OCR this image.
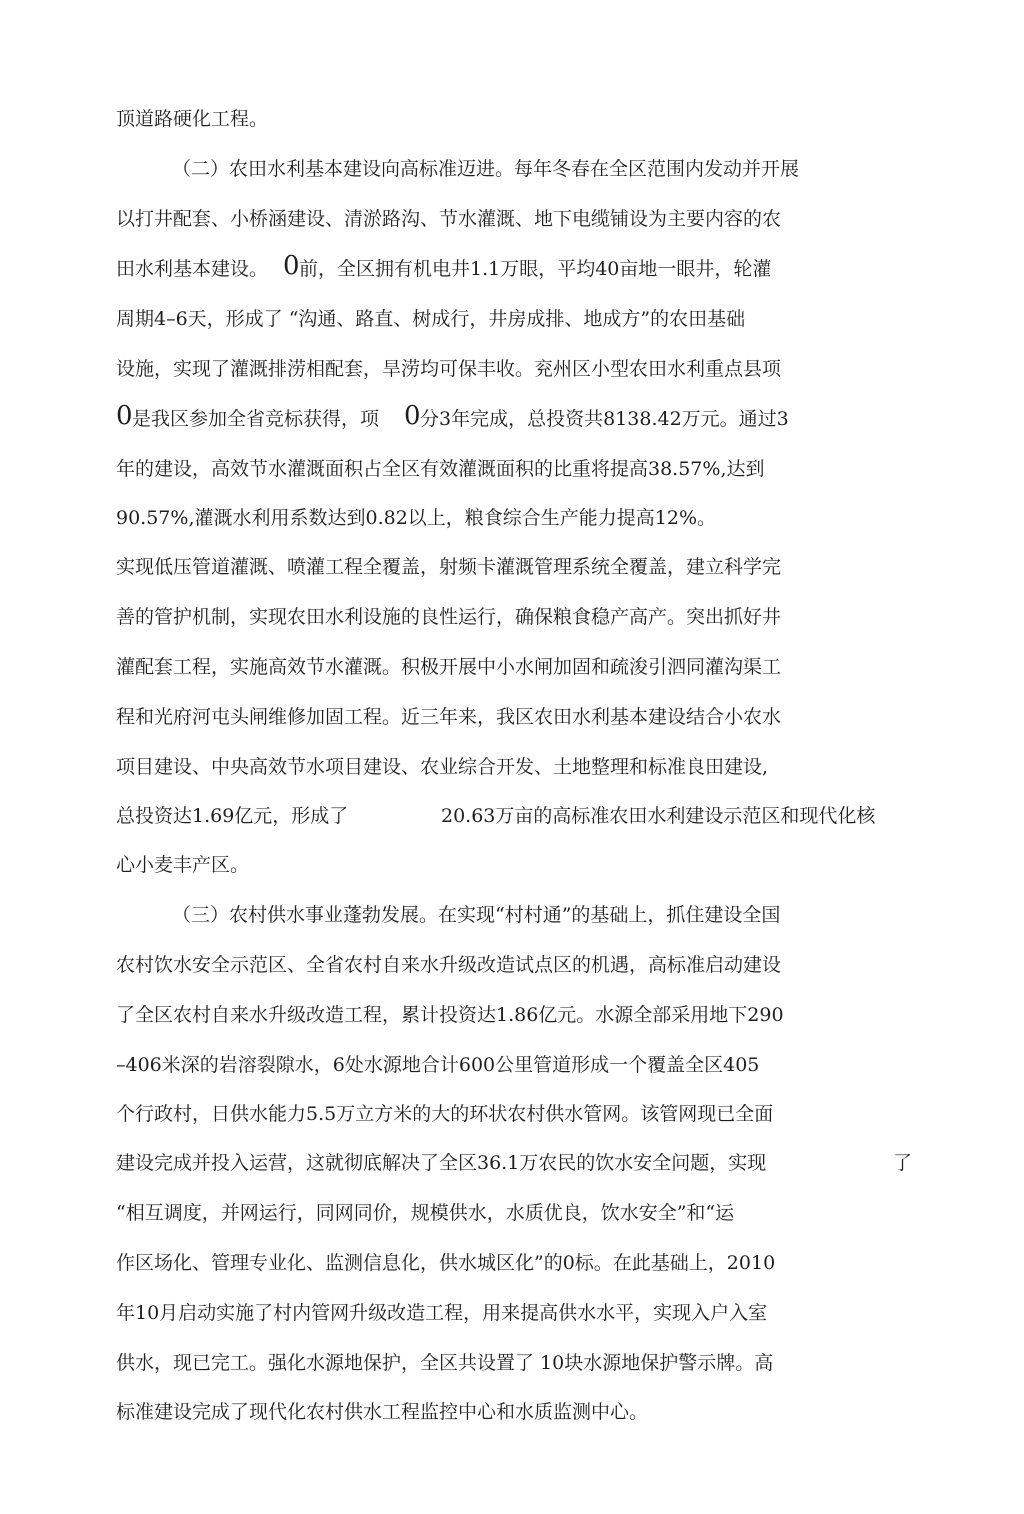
顶道路硬化工程。
（二）农田水利基本建设向高标准迈进。每年冬春在全区范围内发动并开展
以打井配套、小桥涵建设、清淤路沟、节水灌溉、地下电缆铺设为主要内容的农
田水利基本建设。 0 前，全区拥有机电井1.1万眼，平均40亩地一眼井，轮灌
周期4–6天，形成了 “沟通、路直、树成行，井房成排、地成方”的农田基础
设施，实现了灌溉排涝相配套，旱涝均可保丰收。兖州区小型农田水利重点县项
0 是我区参加全省竞标获得，项 0 分3年完成，总投资共8138.42万元。通过3
年的建设，高效节水灌溉面积占全区有效灌溉面积的比重将提高38.57%,达到
90.57%,灌溉水利用系数达到0.82以上，粮食综合生产能力提高12%。
实现低压管道灌溉、喷灌工程全覆盖，射频卡灌溉管理系统全覆盖，建立科学完
善的管护机制，实现农田水利设施的良性运行，确保粮食稳产高产。突出抓好井
灌配套工程，实施高效节水灌溉。积极开展中小水闸加固和疏浚引泗同灌沟渠工
程和光府河屯头闸维修加固工程。近三年来，我区农田水利基本建设结合小农水
项目建设、中央高效节水项目建设、农业综合开发、土地整理和标准良田建设,
总投资达1.69亿元，形成了	20.63万亩的高标准农田水利建设示范区和现代化核
心小麦丰产区。
（三）农村供水事业蓬勃发展。在实现“村村通”的基础上，抓住建设全国
农村饮水安全示范区、全省农村自来水升级改造试点区的机遇，高标准启动建设
了全区农村自来水升级改造工程，累计投资达1.86亿元。水源全部采用地下290
–406米深的岩溶裂隙水，6处水源地合计600公里管道形成一个覆盖全区405
个行政村，日供水能力5.5万立方米的大的环状农村供水管网。该管网现已全面
建设完成并投入运营，这就彻底解决了全区36.1万农民的饮水安全问题，实现	了
“相互调度，并网运行，同网同价，规模供水，水质优良，饮水安全”和“运
作区场化、管理专业化、监测信息化，供水城区化”的0标。在此基础上，2010
年10月启动实施了村内管网升级改造工程，用来提高供水水平，实现入户入室
供水，现已完工。强化水源地保护，全区共设置了 10块水源地保护警示牌。高
标准建设完成了现代化农村供水工程监控中心和水质监测中心。
